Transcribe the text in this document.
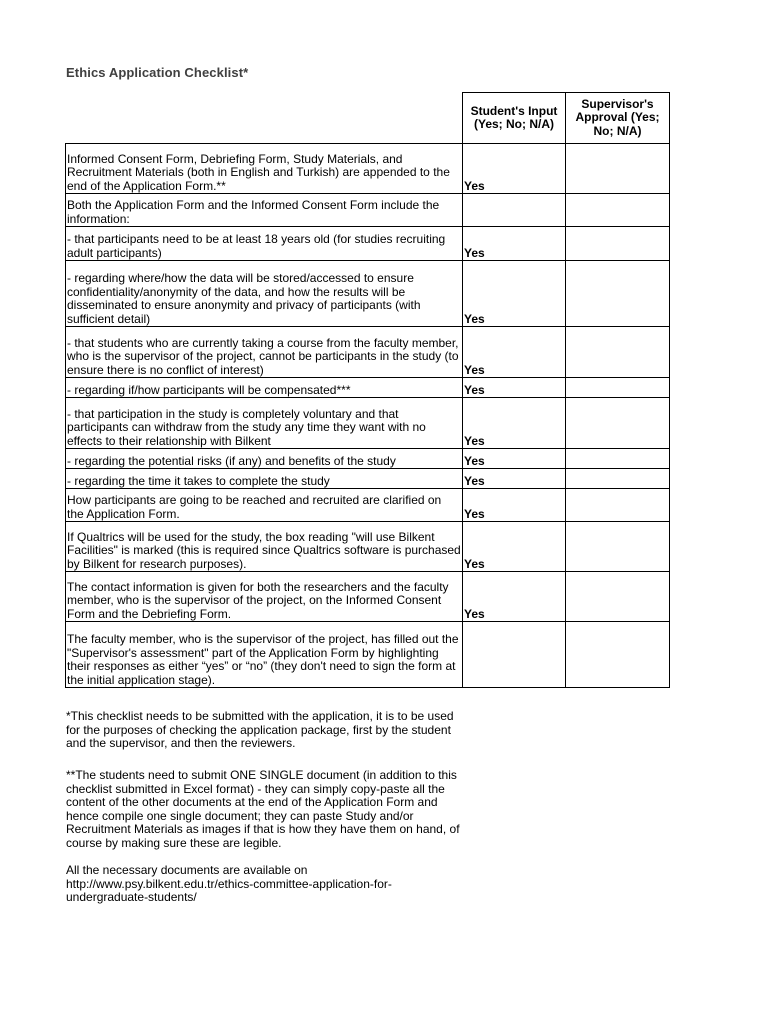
Ethics Application Checklist*
	Student's Input (Yes; No; N/A)	Supervisor's Approval (Yes; No; N/A)
Informed Consent Form, Debriefing Form, Study Materials, and Recruitment Materials (both in English and Turkish) are appended to the end of the Application Form.**	Yes	
Both the Application Form and the Informed Consent Form include the information:		
- that participants need to be at least 18 years old (for studies recruiting adult participants)	Yes	
- regarding where/how the data will be stored/accessed to ensure confidentiality/anonymity of the data, and how the results will be disseminated to ensure anonymity and privacy of participants (with sufficient detail)	Yes	
- that students who are currently taking a course from the faculty member, who is the supervisor of the project, cannot be participants in the study (to ensure there is no conflict of interest)	Yes	
- regarding if/how participants will be compensated***	Yes	
- that participation in the study is completely voluntary and that participants can withdraw from the study any time they want with no effects to their relationship with Bilkent	Yes	
- regarding the potential risks (if any) and benefits of the study	Yes	
- regarding the time it takes to complete the study	Yes	
How participants are going to be reached and recruited are clarified on the Application Form.	Yes	
If Qualtrics will be used for the study, the box reading "will use Bilkent Facilities" is marked (this is required since Qualtrics software is purchased by Bilkent for research purposes).	Yes	
The contact information is given for both the researchers and the faculty member, who is the supervisor of the project, on the Informed Consent Form and the Debriefing Form.	Yes	
The faculty member, who is the supervisor of the project, has filled out the "Supervisor's assessment" part of the Application Form by highlighting their responses as either “yes” or “no” (they don't need to sign the form at the initial application stage).		
*This checklist needs to be submitted with the application, it is to be used for the purposes of checking the application package, first by the student and the supervisor, and then the reviewers.
**The students need to submit ONE SINGLE document (in addition to this checklist submitted in Excel format) - they can simply copy-paste all the content of the other documents at the end of the Application Form and hence compile one single document; they can paste Study and/or Recruitment Materials as images if that is how they have them on hand, of course by making sure these are legible.
All the necessary documents are available on http://www.psy.bilkent.edu.tr/ethics-committee-application-for-undergraduate-students/
